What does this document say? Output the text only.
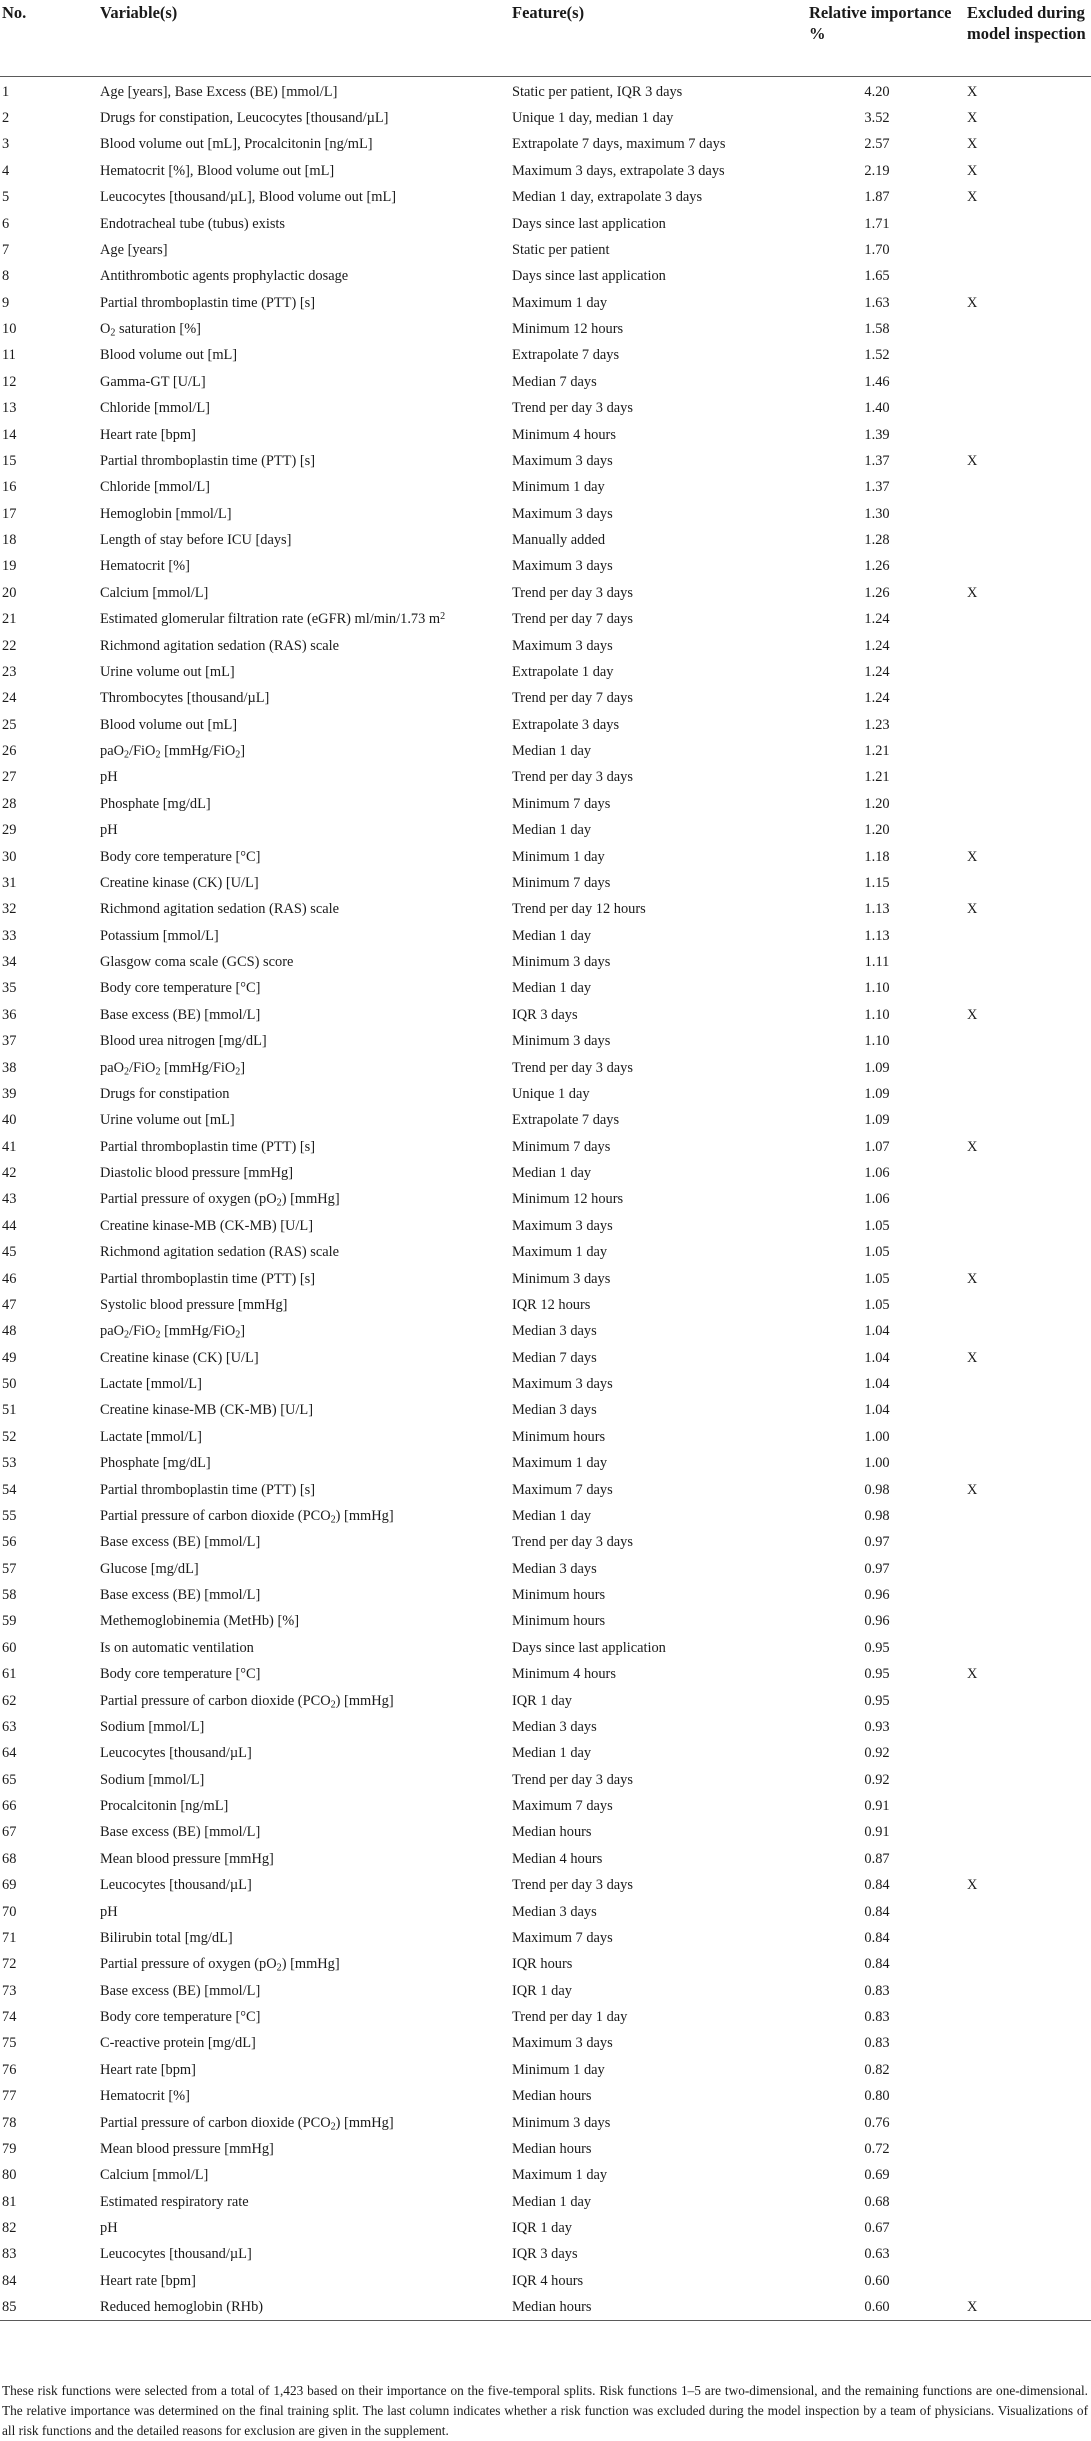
No.	Variable(s)	Feature(s)	Relative importance %	Excluded during model inspection
1	Age [years], Base Excess (BE) [mmol/L]	Static per patient, IQR 3 days	4.20	X
2	Drugs for constipation, Leucocytes [thousand/µL]	Unique 1 day, median 1 day	3.52	X
3	Blood volume out [mL], Procalcitonin [ng/mL]	Extrapolate 7 days, maximum 7 days	2.57	X
4	Hematocrit [%], Blood volume out [mL]	Maximum 3 days, extrapolate 3 days	2.19	X
5	Leucocytes [thousand/µL], Blood volume out [mL]	Median 1 day, extrapolate 3 days	1.87	X
6	Endotracheal tube (tubus) exists	Days since last application	1.71	
7	Age [years]	Static per patient	1.70	
8	Antithrombotic agents prophylactic dosage	Days since last application	1.65	
9	Partial thromboplastin time (PTT) [s]	Maximum 1 day	1.63	X
10	$O_2$ saturation [%]	Minimum 12 hours	1.58	
11	Blood volume out [mL]	Extrapolate 7 days	1.52	
12	Gamma-GT [U/L]	Median 7 days	1.46	
13	Chloride [mmol/L]	Trend per day 3 days	1.40	
14	Heart rate [bpm]	Minimum 4 hours	1.39	
15	Partial thromboplastin time (PTT) [s]	Maximum 3 days	1.37	X
16	Chloride [mmol/L]	Minimum 1 day	1.37	
17	Hemoglobin [mmol/L]	Maximum 3 days	1.30	
18	Length of stay before ICU [days]	Manually added	1.28	
19	Hematocrit [%]	Maximum 3 days	1.26	
20	Calcium [mmol/L]	Trend per day 3 days	1.26	X
21	Estimated glomerular filtration rate (eGFR) ml/min/1.73 $m^2$	Trend per day 7 days	1.24	
22	Richmond agitation sedation (RAS) scale	Maximum 3 days	1.24	
23	Urine volume out [mL]	Extrapolate 1 day	1.24	
24	Thrombocytes [thousand/µL]	Trend per day 7 days	1.24	
25	Blood volume out [mL]	Extrapolate 3 days	1.23	
26	paO$_2$/FiO$_2$ [mmHg/FiO$_2$]	Median 1 day	1.21	
27	pH	Trend per day 3 days	1.21	
28	Phosphate [mg/dL]	Minimum 7 days	1.20	
29	pH	Median 1 day	1.20	
30	Body core temperature [°C]	Minimum 1 day	1.18	X
31	Creatine kinase (CK) [U/L]	Minimum 7 days	1.15	
32	Richmond agitation sedation (RAS) scale	Trend per day 12 hours	1.13	X
33	Potassium [mmol/L]	Median 1 day	1.13	
34	Glasgow coma scale (GCS) score	Minimum 3 days	1.11	
35	Body core temperature [°C]	Median 1 day	1.10	
36	Base excess (BE) [mmol/L]	IQR 3 days	1.10	X
37	Blood urea nitrogen [mg/dL]	Minimum 3 days	1.10	
38	paO$_2$/FiO$_2$ [mmHg/FiO$_2$]	Trend per day 3 days	1.09	
39	Drugs for constipation	Unique 1 day	1.09	
40	Urine volume out [mL]	Extrapolate 7 days	1.09	
41	Partial thromboplastin time (PTT) [s]	Minimum 7 days	1.07	X
42	Diastolic blood pressure [mmHg]	Median 1 day	1.06	
43	Partial pressure of oxygen $(pO_2)$ [mmHg]	Minimum 12 hours	1.06	
44	Creatine kinase-MB (CK-MB) [U/L]	Maximum 3 days	1.05	
45	Richmond agitation sedation (RAS) scale	Maximum 1 day	1.05	
46	Partial thromboplastin time (PTT) [s]	Minimum 3 days	1.05	X
47	Systolic blood pressure [mmHg]	IQR 12 hours	1.05	
48	paO$_2$/FiO$_2$ [mmHg/FiO$_2$]	Median 3 days	1.04	
49	Creatine kinase (CK) [U/L]	Median 7 days	1.04	X
50	Lactate [mmol/L]	Maximum 3 days	1.04	
51	Creatine kinase-MB (CK-MB) [U/L]	Median 3 days	1.04	
52	Lactate [mmol/L]	Minimum hours	1.00	
53	Phosphate [mg/dL]	Maximum 1 day	1.00	
54	Partial thromboplastin time (PTT) [s]	Maximum 7 days	0.98	X
55	Partial pressure of carbon dioxide $(PCO_2)$ [mmHg]	Median 1 day	0.98	
56	Base excess (BE) [mmol/L]	Trend per day 3 days	0.97	
57	Glucose [mg/dL]	Median 3 days	0.97	
58	Base excess (BE) [mmol/L]	Minimum hours	0.96	
59	Methemoglobinemia (MetHb) [%]	Minimum hours	0.96	
60	Is on automatic ventilation	Days since last application	0.95	
61	Body core temperature [°C]	Minimum 4 hours	0.95	X
62	Partial pressure of carbon dioxide $(PCO_2)$ [mmHg]	IQR 1 day	0.95	
63	Sodium [mmol/L]	Median 3 days	0.93	
64	Leucocytes [thousand/µL]	Median 1 day	0.92	
65	Sodium [mmol/L]	Trend per day 3 days	0.92	
66	Procalcitonin [ng/mL]	Maximum 7 days	0.91	
67	Base excess (BE) [mmol/L]	Median hours	0.91	
68	Mean blood pressure [mmHg]	Median 4 hours	0.87	
69	Leucocytes [thousand/µL]	Trend per day 3 days	0.84	X
70	pH	Median 3 days	0.84	
71	Bilirubin total [mg/dL]	Maximum 7 days	0.84	
72	Partial pressure of oxygen $(pO_2)$ [mmHg]	IQR hours	0.84	
73	Base excess (BE) [mmol/L]	IQR 1 day	0.83	
74	Body core temperature [°C]	Trend per day 1 day	0.83	
75	C-reactive protein [mg/dL]	Maximum 3 days	0.83	
76	Heart rate [bpm]	Minimum 1 day	0.82	
77	Hematocrit [%]	Median hours	0.80	
78	Partial pressure of carbon dioxide $(PCO_2)$ [mmHg]	Minimum 3 days	0.76	
79	Mean blood pressure [mmHg]	Median hours	0.72	
80	Calcium [mmol/L]	Maximum 1 day	0.69	
81	Estimated respiratory rate	Median 1 day	0.68	
82	pH	IQR 1 day	0.67	
83	Leucocytes [thousand/µL]	IQR 3 days	0.63	
84	Heart rate [bpm]	IQR 4 hours	0.60	
85	Reduced hemoglobin (RHb)	Median hours	0.60	X

These risk functions were selected from a total of 1,423 based on their importance on the five-temporal splits. Risk functions 1–5 are two-dimensional, and the remaining functions are one-dimensional. The relative importance was determined on the final training split. The last column indicates whether a risk function was excluded during the model inspection by a team of physicians. Visualizations of all risk functions and the detailed reasons for exclusion are given in the supplement.
